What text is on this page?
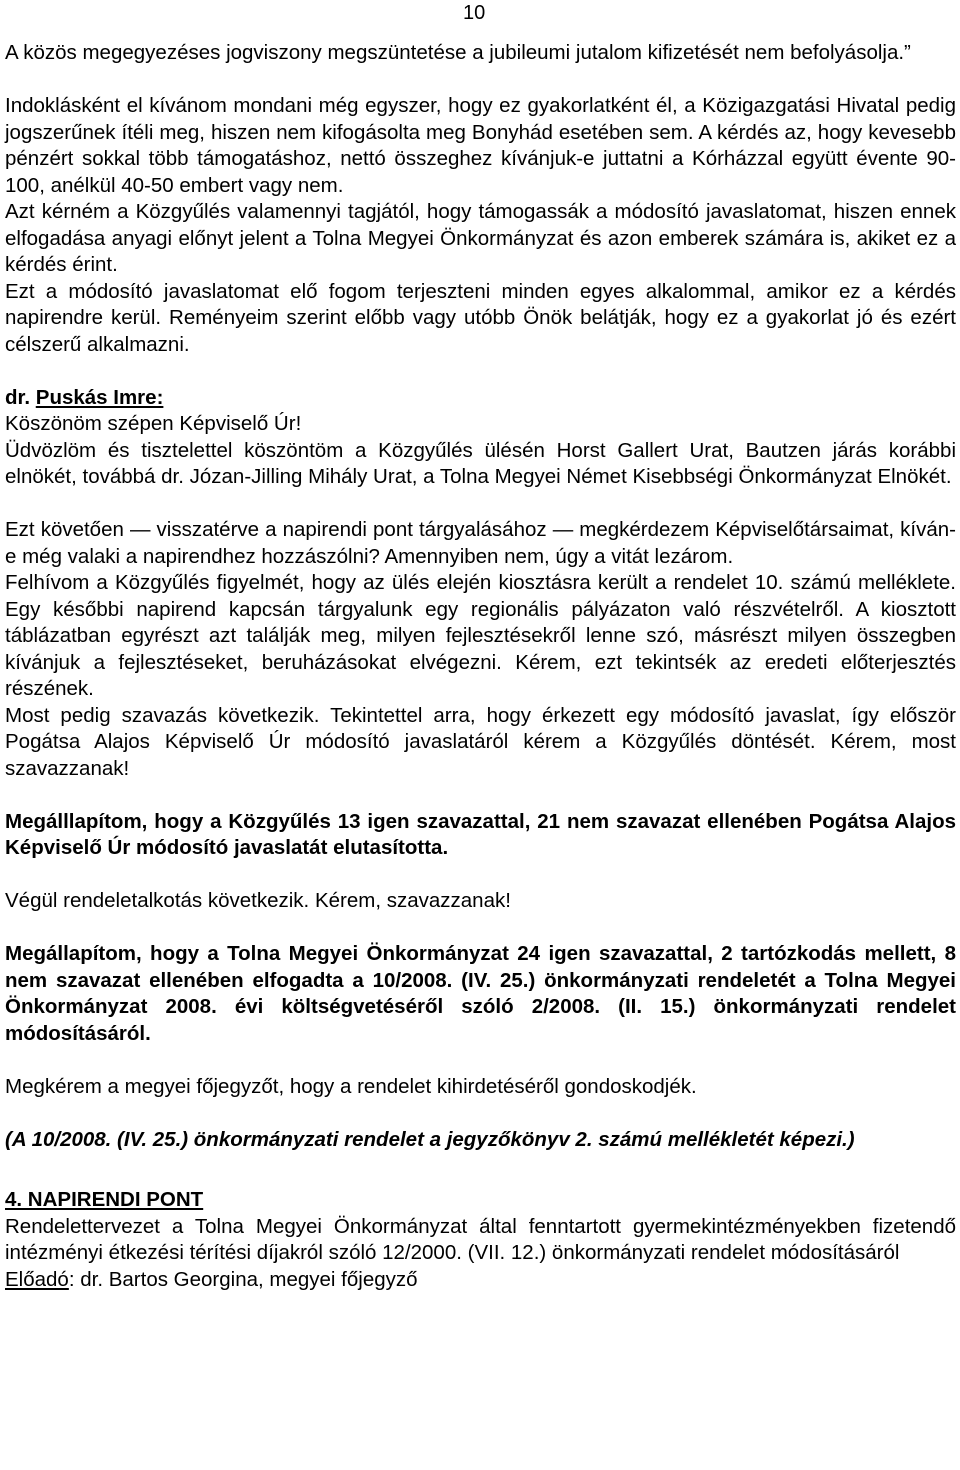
10

A közös megegyezéses jogviszony megszüntetése a jubileumi jutalom kifizetését nem befolyásolja.”

Indoklásként el kívánom mondani még egyszer, hogy ez gyakorlatként él, a Közigazgatási Hivatal pedig jogszerűnek ítéli meg, hiszen nem kifogásolta meg Bonyhád esetében sem. A kérdés az, hogy kevesebb pénzért sokkal több támogatáshoz, nettó összeghez kívánjuk-e juttatni a Kórházzal együtt évente 90-100, anélkül 40-50 embert vagy nem.

Azt kérném a Közgyűlés valamennyi tagjától, hogy támogassák a módosító javaslatomat, hiszen ennek elfogadása anyagi előnyt jelent a Tolna Megyei Önkormányzat és azon emberek számára is, akiket ez a kérdés érint.

Ezt a módosító javaslatomat elő fogom terjeszteni minden egyes alkalommal, amikor ez a kérdés napirendre kerül. Reményeim szerint előbb vagy utóbb Önök belátják, hogy ez a gyakorlat jó és ezért célszerű alkalmazni.

dr. Puskás Imre:

Köszönöm szépen Képviselő Úr!

Üdvözlöm és tisztelettel köszöntöm a Közgyűlés ülésén Horst Gallert Urat, Bautzen járás korábbi elnökét, továbbá dr. Józan-Jilling Mihály Urat, a Tolna Megyei Német Kisebbségi Önkormányzat Elnökét.

Ezt követően — visszatérve a napirendi pont tárgyalásához — megkérdezem Képviselőtársaimat, kíván-e még valaki a napirendhez hozzászólni? Amennyiben nem, úgy a vitát lezárom.

Felhívom a Közgyűlés figyelmét, hogy az ülés elején kiosztásra került a rendelet 10. számú melléklete. Egy későbbi napirend kapcsán tárgyalunk egy regionális pályázaton való részvételről. A kiosztott táblázatban egyrészt azt találják meg, milyen fejlesztésekről lenne szó, másrészt milyen összegben kívánjuk a fejlesztéseket, beruházásokat elvégezni. Kérem, ezt tekintsék az eredeti előterjesztés részének.

Most pedig szavazás következik. Tekintettel arra, hogy érkezett egy módosító javaslat, így először Pogátsa Alajos Képviselő Úr módosító javaslatáról kérem a Közgyűlés döntését. Kérem, most szavazzanak!

Megálllapítom, hogy a Közgyűlés 13 igen szavazattal, 21 nem szavazat ellenében Pogátsa Alajos Képviselő Úr módosító javaslatát elutasította.

Végül rendeletalkotás következik. Kérem, szavazzanak!

Megállapítom, hogy a Tolna Megyei Önkormányzat 24 igen szavazattal, 2 tartózkodás mellett, 8 nem szavazat ellenében elfogadta a 10/2008. (IV. 25.) önkormányzati rendeletét a Tolna Megyei Önkormányzat 2008. évi költségvetéséről szóló 2/2008. (II. 15.) önkormányzati rendelet módosításáról.

Megkérem a megyei főjegyzőt, hogy a rendelet kihirdetéséről gondoskodjék.

(A 10/2008. (IV. 25.) önkormányzati rendelet a jegyzőkönyv 2. számú mellékletét képezi.)

4. NAPIRENDI PONT

Rendelettervezet a Tolna Megyei Önkormányzat által fenntartott gyermekintézményekben fizetendő intézményi étkezési térítési díjakról szóló 12/2000. (VII. 12.) önkormányzati rendelet módosításáról

Előadó: dr. Bartos Georgina, megyei főjegyző
